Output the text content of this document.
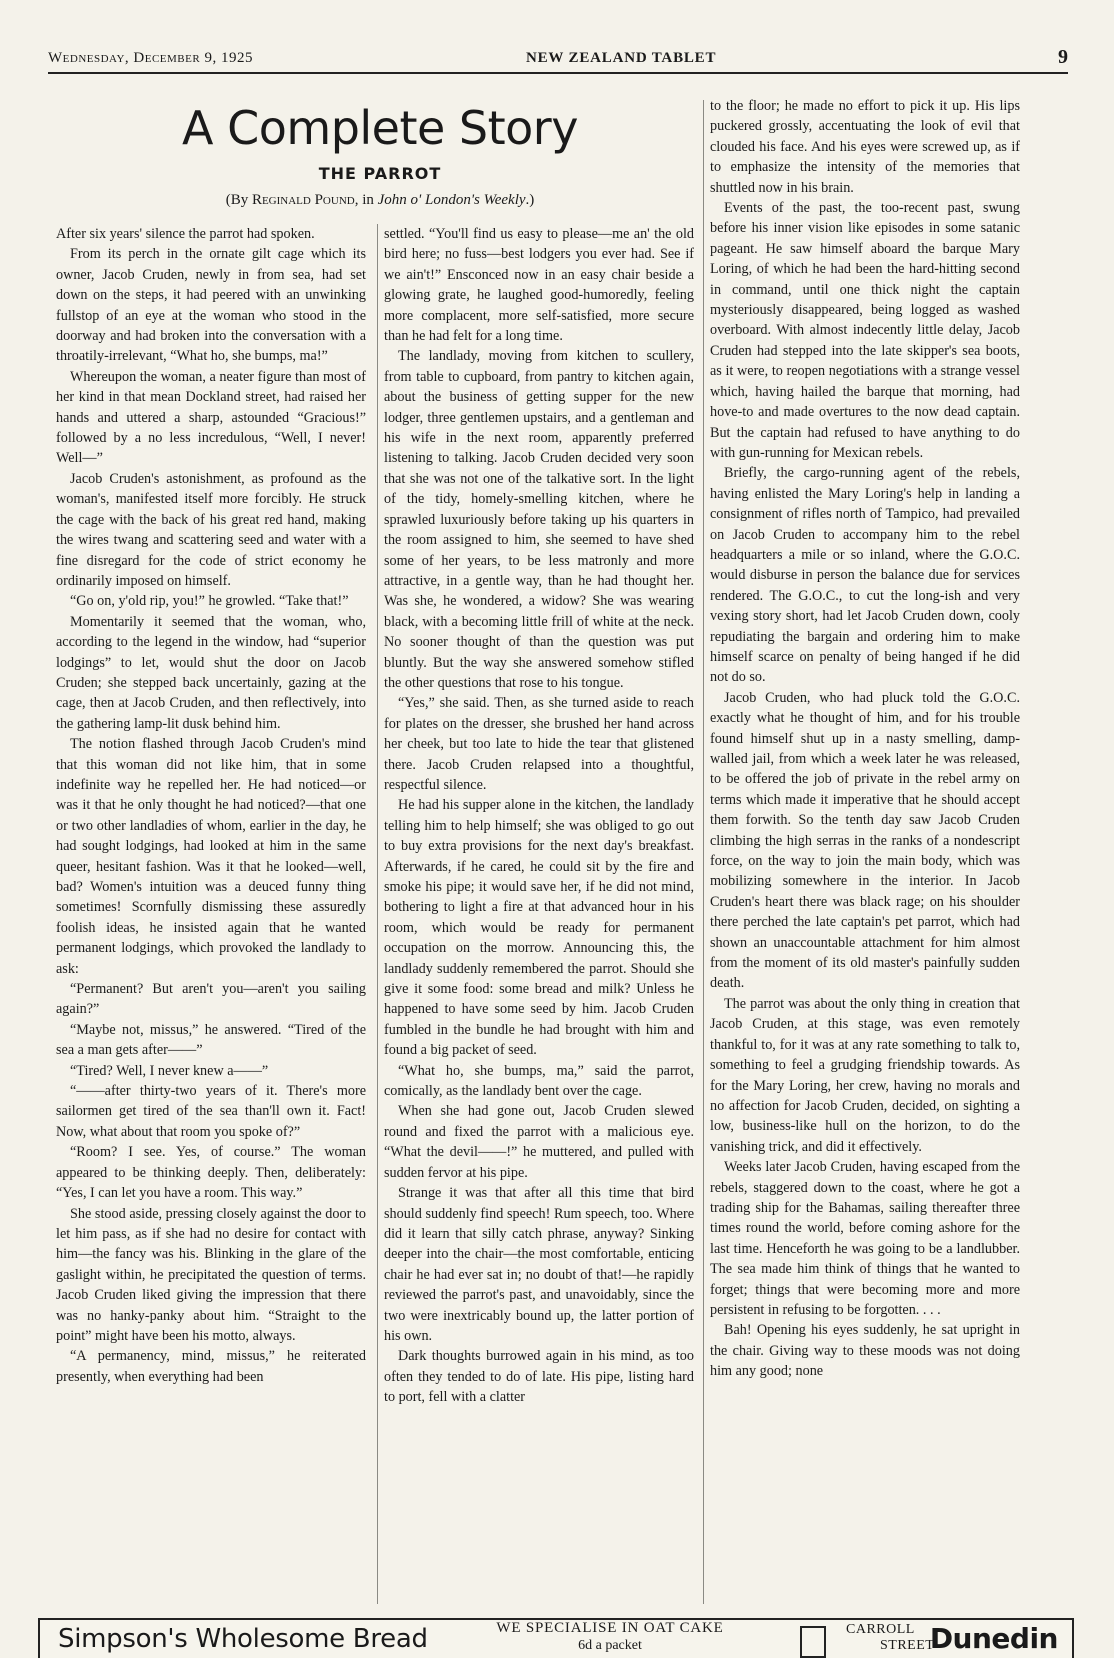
Wednesday, December 9, 1925	NEW ZEALAND TABLET	9
A Complete Story
THE PARROT
(By Reginald Pound, in John o' London's Weekly.)

After six years' silence the parrot had spoken.

From its perch in the ornate gilt cage which its owner, Jacob Cruden, newly in from sea, had set down on the steps, it had peered with an unwinking fullstop of an eye at the woman who stood in the doorway and had broken into the conversation with a throatily-irrelevant, “What ho, she bumps, ma!”

Whereupon the woman, a neater figure than most of her kind in that mean Dockland street, had raised her hands and uttered a sharp, astounded “Gracious!” followed by a no less incredulous, “Well, I never! Well—”

Jacob Cruden's astonishment, as profound as the woman's, manifested itself more forcibly. He struck the cage with the back of his great red hand, making the wires twang and scattering seed and water with a fine disregard for the code of strict economy he ordinarily imposed on himself.

“Go on, y'old rip, you!” he growled. “Take that!”

Momentarily it seemed that the woman, who, according to the legend in the window, had “superior lodgings” to let, would shut the door on Jacob Cruden; she stepped back uncertainly, gazing at the cage, then at Jacob Cruden, and then reflectively, into the gathering lamp-lit dusk behind him.

The notion flashed through Jacob Cruden's mind that this woman did not like him, that in some indefinite way he repelled her. He had noticed—or was it that he only thought he had noticed?—that one or two other landladies of whom, earlier in the day, he had sought lodgings, had looked at him in the same queer, hesitant fashion. Was it that he looked—well, bad? Women's intuition was a deuced funny thing sometimes! Scornfully dismissing these assuredly foolish ideas, he insisted again that he wanted permanent lodgings, which provoked the landlady to ask:

“Permanent? But aren't you—aren't you sailing again?”

“Maybe not, missus,” he answered. “Tired of the sea a man gets after——”

“Tired? Well, I never knew a——”

“——after thirty-two years of it. There's more sailormen get tired of the sea than'll own it. Fact! Now, what about that room you spoke of?”

“Room? I see. Yes, of course.” The woman appeared to be thinking deeply. Then, deliberately: “Yes, I can let you have a room. This way.”

She stood aside, pressing closely against the door to let him pass, as if she had no desire for contact with him—the fancy was his. Blinking in the glare of the gaslight within, he precipitated the question of terms. Jacob Cruden liked giving the impression that there was no hanky-panky about him. “Straight to the point” might have been his motto, always.

“A permanency, mind, missus,” he reiterated presently, when everything had been

settled. “You'll find us easy to please—me an' the old bird here; no fuss—best lodgers you ever had. See if we ain't!” Ensconced now in an easy chair beside a glowing grate, he laughed good-humoredly, feeling more complacent, more self-satisfied, more secure than he had felt for a long time.

The landlady, moving from kitchen to scullery, from table to cupboard, from pantry to kitchen again, about the business of getting supper for the new lodger, three gentlemen upstairs, and a gentleman and his wife in the next room, apparently preferred listening to talking. Jacob Cruden decided very soon that she was not one of the talkative sort. In the light of the tidy, homely-smelling kitchen, where he sprawled luxuriously before taking up his quarters in the room assigned to him, she seemed to have shed some of her years, to be less matronly and more attractive, in a gentle way, than he had thought her. Was she, he wondered, a widow? She was wearing black, with a becoming little frill of white at the neck. No sooner thought of than the question was put bluntly. But the way she answered somehow stifled the other questions that rose to his tongue.

“Yes,” she said. Then, as she turned aside to reach for plates on the dresser, she brushed her hand across her cheek, but too late to hide the tear that glistened there. Jacob Cruden relapsed into a thoughtful, respectful silence.

He had his supper alone in the kitchen, the landlady telling him to help himself; she was obliged to go out to buy extra provisions for the next day's breakfast. Afterwards, if he cared, he could sit by the fire and smoke his pipe; it would save her, if he did not mind, bothering to light a fire at that advanced hour in his room, which would be ready for permanent occupation on the morrow. Announcing this, the landlady suddenly remembered the parrot. Should she give it some food: some bread and milk? Unless he happened to have some seed by him. Jacob Cruden fumbled in the bundle he had brought with him and found a big packet of seed.

“What ho, she bumps, ma,” said the parrot, comically, as the landlady bent over the cage.

When she had gone out, Jacob Cruden slewed round and fixed the parrot with a malicious eye. “What the devil——!” he muttered, and pulled with sudden fervor at his pipe.

Strange it was that after all this time that bird should suddenly find speech! Rum speech, too. Where did it learn that silly catch phrase, anyway? Sinking deeper into the chair—the most comfortable, enticing chair he had ever sat in; no doubt of that!—he rapidly reviewed the parrot's past, and unavoidably, since the two were inextricably bound up, the latter portion of his own.

Dark thoughts burrowed again in his mind, as too often they tended to do of late. His pipe, listing hard to port, fell with a clatter

to the floor; he made no effort to pick it up. His lips puckered grossly, accentuating the look of evil that clouded his face. And his eyes were screwed up, as if to emphasize the intensity of the memories that shuttled now in his brain.

Events of the past, the too-recent past, swung before his inner vision like episodes in some satanic pageant. He saw himself aboard the barque Mary Loring, of which he had been the hard-hitting second in command, until one thick night the captain mysteriously disappeared, being logged as washed overboard. With almost indecently little delay, Jacob Cruden had stepped into the late skipper's sea boots, as it were, to reopen negotiations with a strange vessel which, having hailed the barque that morning, had hove-to and made overtures to the now dead captain. But the captain had refused to have anything to do with gun-running for Mexican rebels.

Briefly, the cargo-running agent of the rebels, having enlisted the Mary Loring's help in landing a consignment of rifles north of Tampico, had prevailed on Jacob Cruden to accompany him to the rebel headquarters a mile or so inland, where the G.O.C. would disburse in person the balance due for services rendered. The G.O.C., to cut the long-ish and very vexing story short, had let Jacob Cruden down, cooly repudiating the bargain and ordering him to make himself scarce on penalty of being hanged if he did not do so.

Jacob Cruden, who had pluck told the G.O.C. exactly what he thought of him, and for his trouble found himself shut up in a nasty smelling, damp-walled jail, from which a week later he was released, to be offered the job of private in the rebel army on terms which made it imperative that he should accept them forwith. So the tenth day saw Jacob Cruden climbing the high serras in the ranks of a nondescript force, on the way to join the main body, which was mobilizing somewhere in the interior. In Jacob Cruden's heart there was black rage; on his shoulder there perched the late captain's pet parrot, which had shown an unaccountable attachment for him almost from the moment of its old master's painfully sudden death.

The parrot was about the only thing in creation that Jacob Cruden, at this stage, was even remotely thankful to, for it was at any rate something to talk to, something to feel a grudging friendship towards. As for the Mary Loring, her crew, having no morals and no affection for Jacob Cruden, decided, on sighting a low, business-like hull on the horizon, to do the vanishing trick, and did it effectively.

Weeks later Jacob Cruden, having escaped from the rebels, staggered down to the coast, where he got a trading ship for the Bahamas, sailing thereafter three times round the world, before coming ashore for the last time. Henceforth he was going to be a landlubber. The sea made him think of things that he wanted to forget; things that were becoming more and more persistent in refusing to be forgotten. . . .

Bah! Opening his eyes suddenly, he sat upright in the chair. Giving way to these moods was not doing him any good; none

Simpson's Wholesome Bread	WE SPECIALISE IN OAT CAKE
6d a packet
CARROLL
STREET
Dunedin
